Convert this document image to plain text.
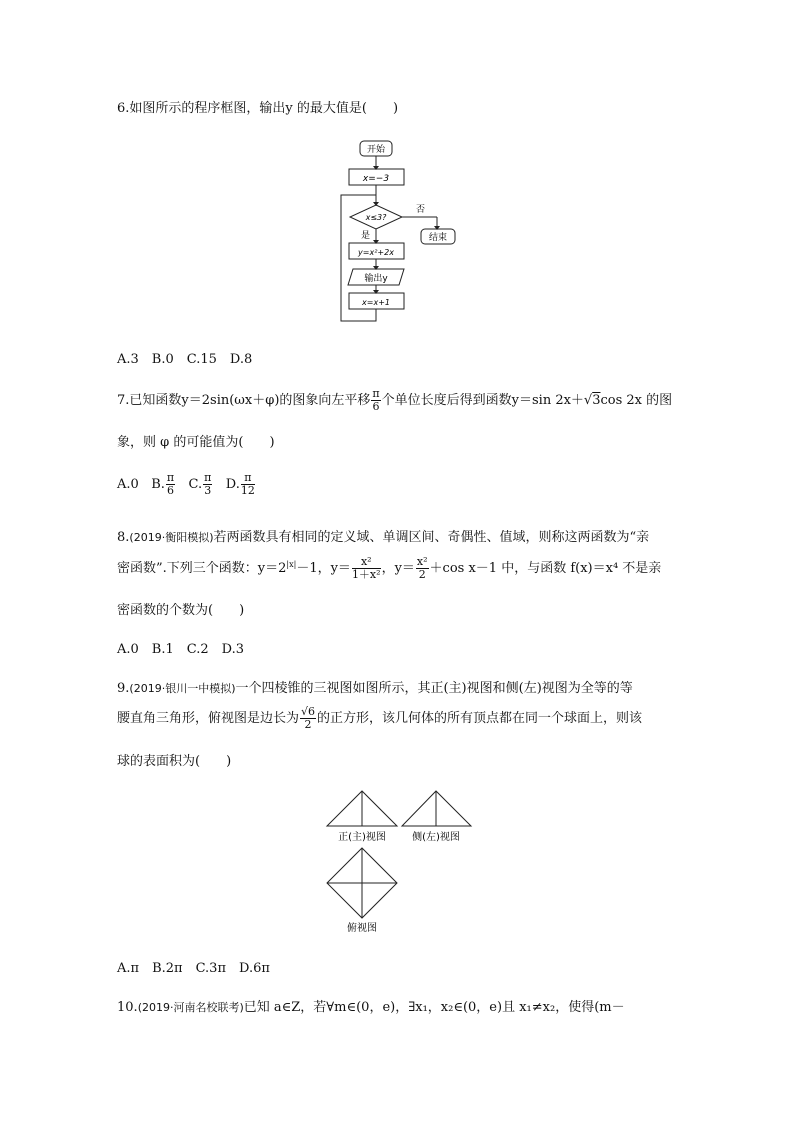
6.如图所示的程序框图，输出y 的最大值是(　　)
开始
x=−3
x≤3?
否
是	结束
y=x²+2x
输出y
x=x+1
A.3　B.0　C.15　D.8
7.已知函数y＝2sin(ωx＋φ)的图象向左平移 $\frac{\pi}{6}$ 个单位长度后得到函数y＝sin 2x＋√3cos 2x 的图
象，则 φ 的可能值为(　　)
A.0 B. $\frac{\pi}{6} C$. $\frac{\pi}{3} D$. $\frac{\pi}{12}$
8.(2019·衡阳模拟)若两函数具有相同的定义域、单调区间、奇偶性、值域，则称这两函数为“亲
密函数”.下列三个函数：$y=2^{|x|}-1$，$y= \frac{\text{x²}}{\text{1＋x²}}$ ，$y= \frac{\text{x²}}{2} +\cos$ x－1 中，与函数 f(x)＝x⁴ 不是亲
密函数的个数为(　　)
A.0　B.1　C.2　D.3
9.(2019·银川一中模拟)一个四棱锥的三视图如图所示，其正(主)视图和侧(左)视图为全等的等
腰直角三角形，俯视图是边长为 $\frac{√6}{2}$ 的正方形，该几何体的所有顶点都在同一个球面上，则该
球的表面积为(　　)
正(主)视图	侧(左)视图
俯视图
A.π　B.2π　C.3π　D.6π
10.(2019·河南名校联考)已知 a∈Z，若∀m∈(0，e)，∃x₁，x₂∈(0，e)且 x₁≠x₂，使得(m－
